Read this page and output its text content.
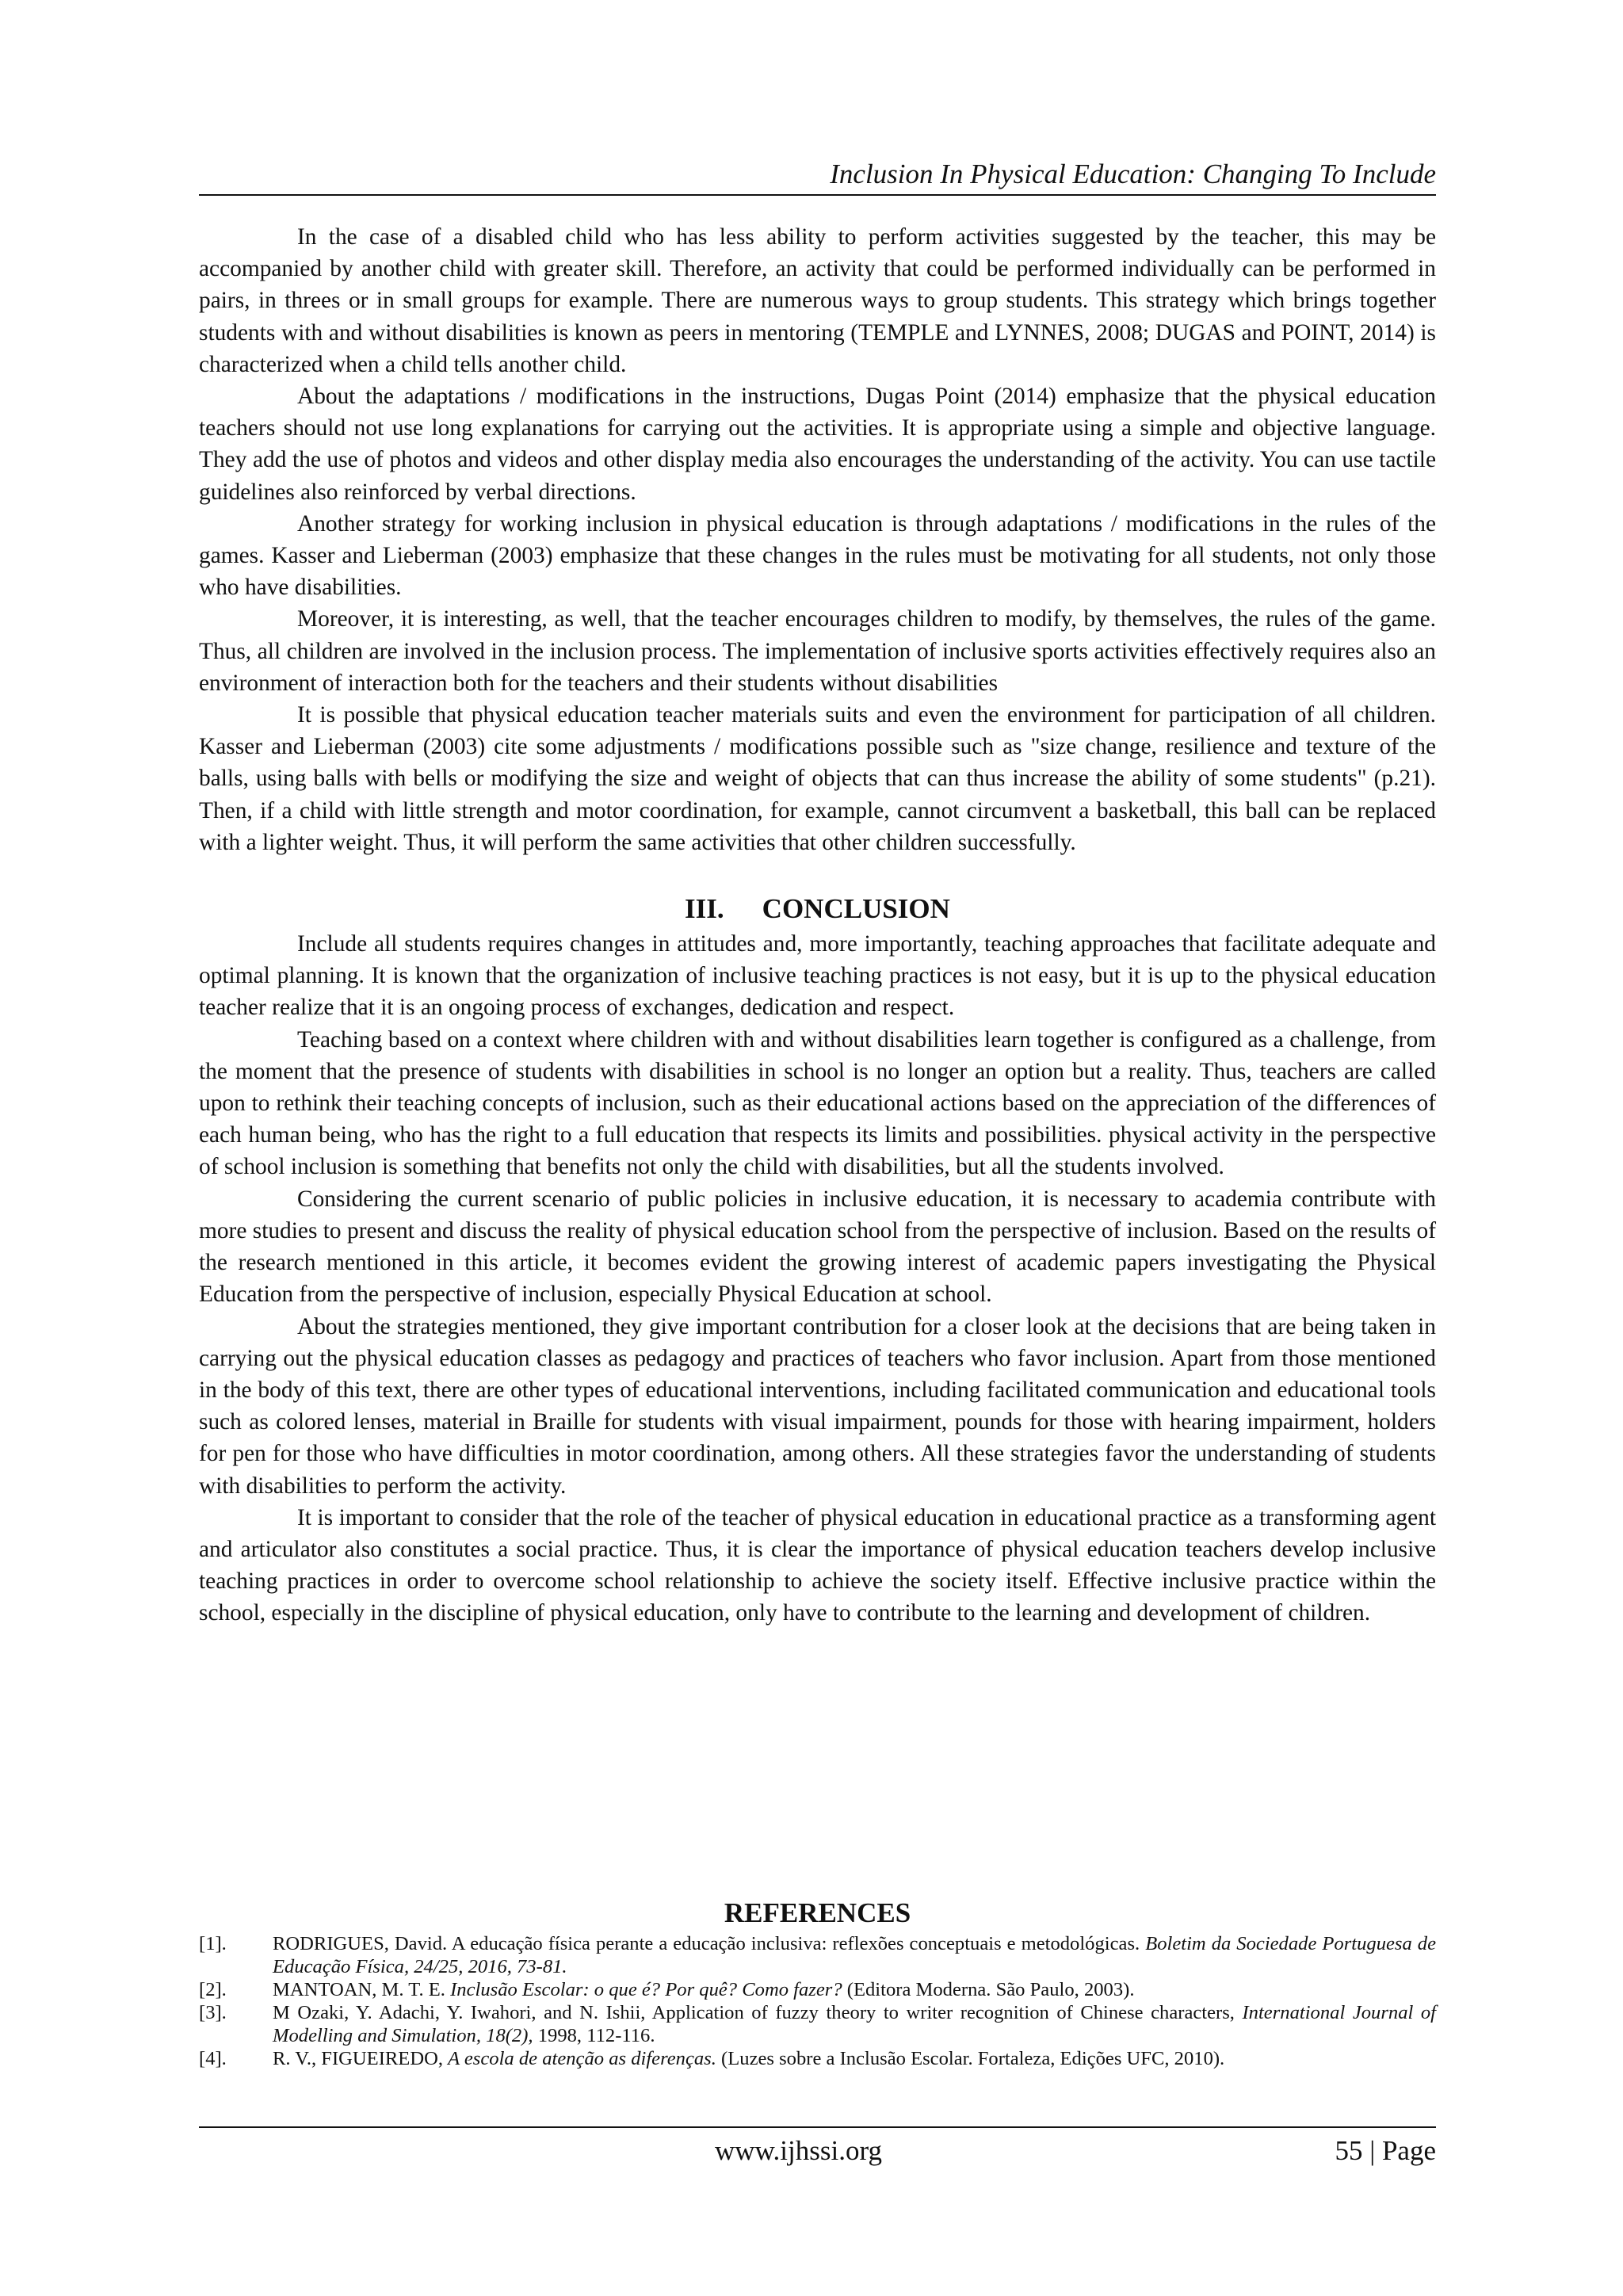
Inclusion In Physical Education: Changing To Include

In the case of a disabled child who has less ability to perform activities suggested by the teacher, this may be accompanied by another child with greater skill. Therefore, an activity that could be performed individually can be performed in pairs, in threes or in small groups for example. There are numerous ways to group students. This strategy which brings together students with and without disabilities is known as peers in mentoring (TEMPLE and LYNNES, 2008; DUGAS and POINT, 2014) is characterized when a child tells another child.

About the adaptations / modifications in the instructions, Dugas Point (2014) emphasize that the physical education teachers should not use long explanations for carrying out the activities. It is appropriate using a simple and objective language. They add the use of photos and videos and other display media also encourages the understanding of the activity. You can use tactile guidelines also reinforced by verbal directions.

Another strategy for working inclusion in physical education is through adaptations / modifications in the rules of the games. Kasser and Lieberman (2003) emphasize that these changes in the rules must be motivating for all students, not only those who have disabilities.

Moreover, it is interesting, as well, that the teacher encourages children to modify, by themselves, the rules of the game. Thus, all children are involved in the inclusion process. The implementation of inclusive sports activities effectively requires also an environment of interaction both for the teachers and their students without disabilities

It is possible that physical education teacher materials suits and even the environment for participation of all children. Kasser and Lieberman (2003) cite some adjustments / modifications possible such as "size change, resilience and texture of the balls, using balls with bells or modifying the size and weight of objects that can thus increase the ability of some students" (p.21). Then, if a child with little strength and motor coordination, for example, cannot circumvent a basketball, this ball can be replaced with a lighter weight. Thus, it will perform the same activities that other children successfully.

III. CONCLUSION

Include all students requires changes in attitudes and, more importantly, teaching approaches that facilitate adequate and optimal planning. It is known that the organization of inclusive teaching practices is not easy, but it is up to the physical education teacher realize that it is an ongoing process of exchanges, dedication and respect.

Teaching based on a context where children with and without disabilities learn together is configured as a challenge, from the moment that the presence of students with disabilities in school is no longer an option but a reality. Thus, teachers are called upon to rethink their teaching concepts of inclusion, such as their educational actions based on the appreciation of the differences of each human being, who has the right to a full education that respects its limits and possibilities. physical activity in the perspective of school inclusion is something that benefits not only the child with disabilities, but all the students involved.

Considering the current scenario of public policies in inclusive education, it is necessary to academia contribute with more studies to present and discuss the reality of physical education school from the perspective of inclusion. Based on the results of the research mentioned in this article, it becomes evident the growing interest of academic papers investigating the Physical Education from the perspective of inclusion, especially Physical Education at school.

About the strategies mentioned, they give important contribution for a closer look at the decisions that are being taken in carrying out the physical education classes as pedagogy and practices of teachers who favor inclusion. Apart from those mentioned in the body of this text, there are other types of educational interventions, including facilitated communication and educational tools such as colored lenses, material in Braille for students with visual impairment, pounds for those with hearing impairment, holders for pen for those who have difficulties in motor coordination, among others. All these strategies favor the understanding of students with disabilities to perform the activity.

It is important to consider that the role of the teacher of physical education in educational practice as a transforming agent and articulator also constitutes a social practice. Thus, it is clear the importance of physical education teachers develop inclusive teaching practices in order to overcome school relationship to achieve the society itself. Effective inclusive practice within the school, especially in the discipline of physical education, only have to contribute to the learning and development of children.

REFERENCES

[1].	RODRIGUES, David. A educação física perante a educação inclusiva: reflexões conceptuais e metodológicas. Boletim da Sociedade Portuguesa de Educação Física, 24/25, 2016, 73-81.
[2].	MANTOAN, M. T. E. Inclusão Escolar: o que é? Por quê? Como fazer? (Editora Moderna. São Paulo, 2003).
[3].	M Ozaki, Y. Adachi, Y. Iwahori, and N. Ishii, Application of fuzzy theory to writer recognition of Chinese characters, International Journal of Modelling and Simulation, 18(2), 1998, 112-116.
[4].	R. V., FIGUEIREDO, A escola de atenção as diferenças. (Luzes sobre a Inclusão Escolar. Fortaleza, Edições UFC, 2010).
www.ijhssi.org	55 | Page
